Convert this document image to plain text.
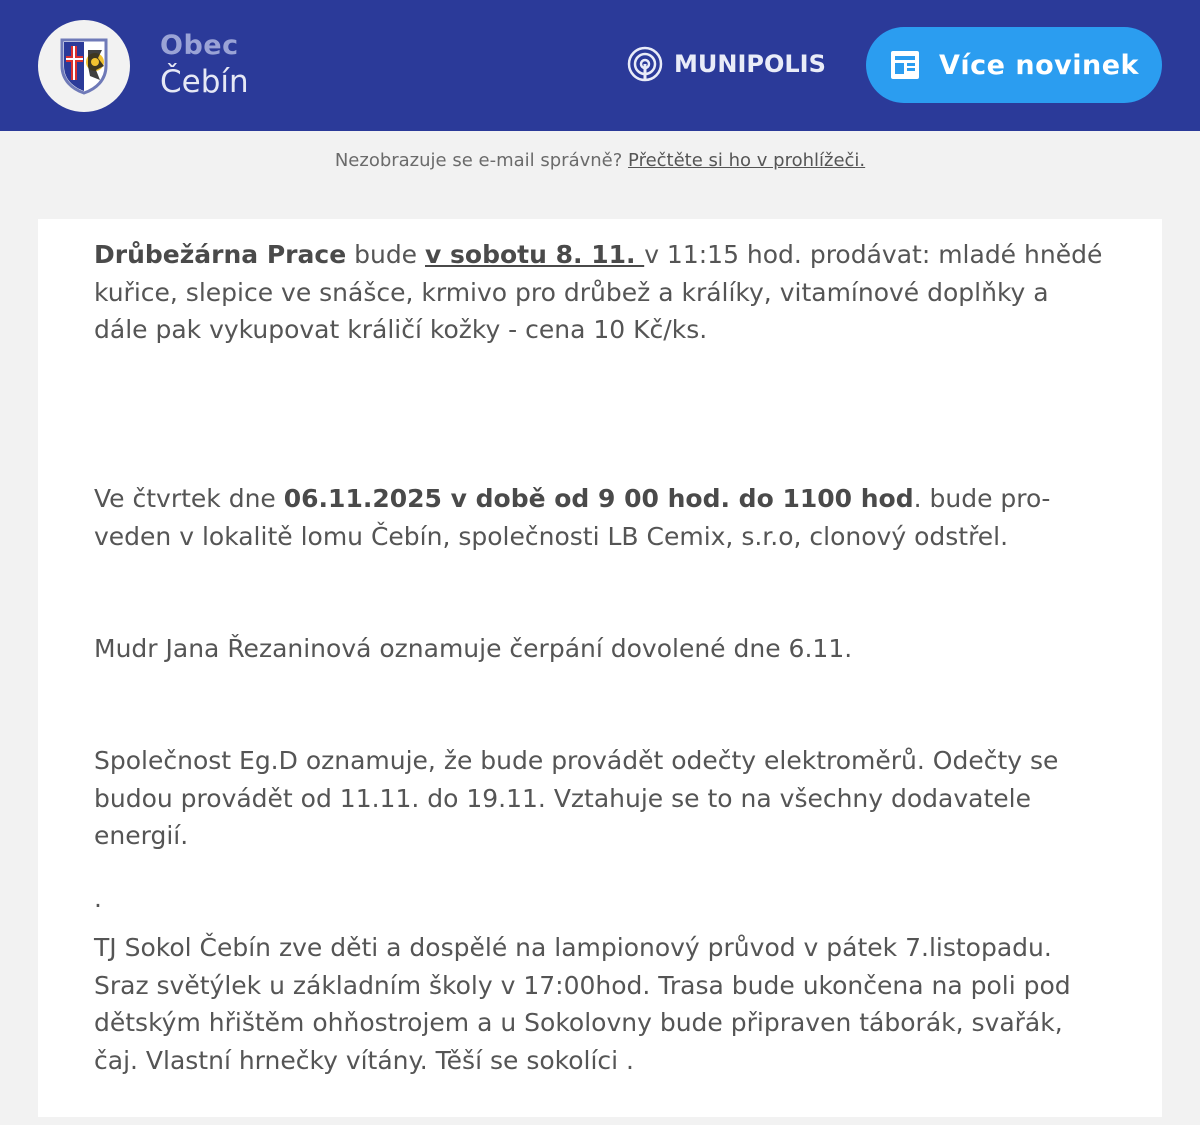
Obec
Čebín	MUNIPOLIS	Více novinek
Nezobrazuje se e-mail správně? Přečtěte si ho v prohlížeči.
Drůbežárna Prace bude v sobotu 8. 11. v 11:15 hod. prodávat: mladé hnědé kuřice, slepice ve snášce, krmivo pro drůbež a králíky, vitamínové doplňky a dále pak vykupovat králičí kožky - cena 10 Kč/ks.
Ve čtvrtek dne 06.11.2025 v době od 9 00 hod. do 1100 hod. bude proveden v lokalitě lomu Čebín, společnosti LB Cemix, s.r.o, clonový odstřel.
Mudr Jana Řezaninová oznamuje čerpání dovolené dne 6.11.
Společnost Eg.D oznamuje, že bude provádět odečty elektroměrů. Odečty se budou provádět od 11.11. do 19.11. Vztahuje se to na všechny dodavatele energií.
.
TJ Sokol Čebín zve děti a dospělé na lampionový průvod v pátek 7.listopadu. Sraz světýlek u základním školy v 17:00hod. Trasa bude ukončena na poli pod dětským hřištěm ohňostrojem a u Sokolovny bude připraven táborák, svařák, čaj. Vlastní hrnečky vítány. Těší se sokolíci .
